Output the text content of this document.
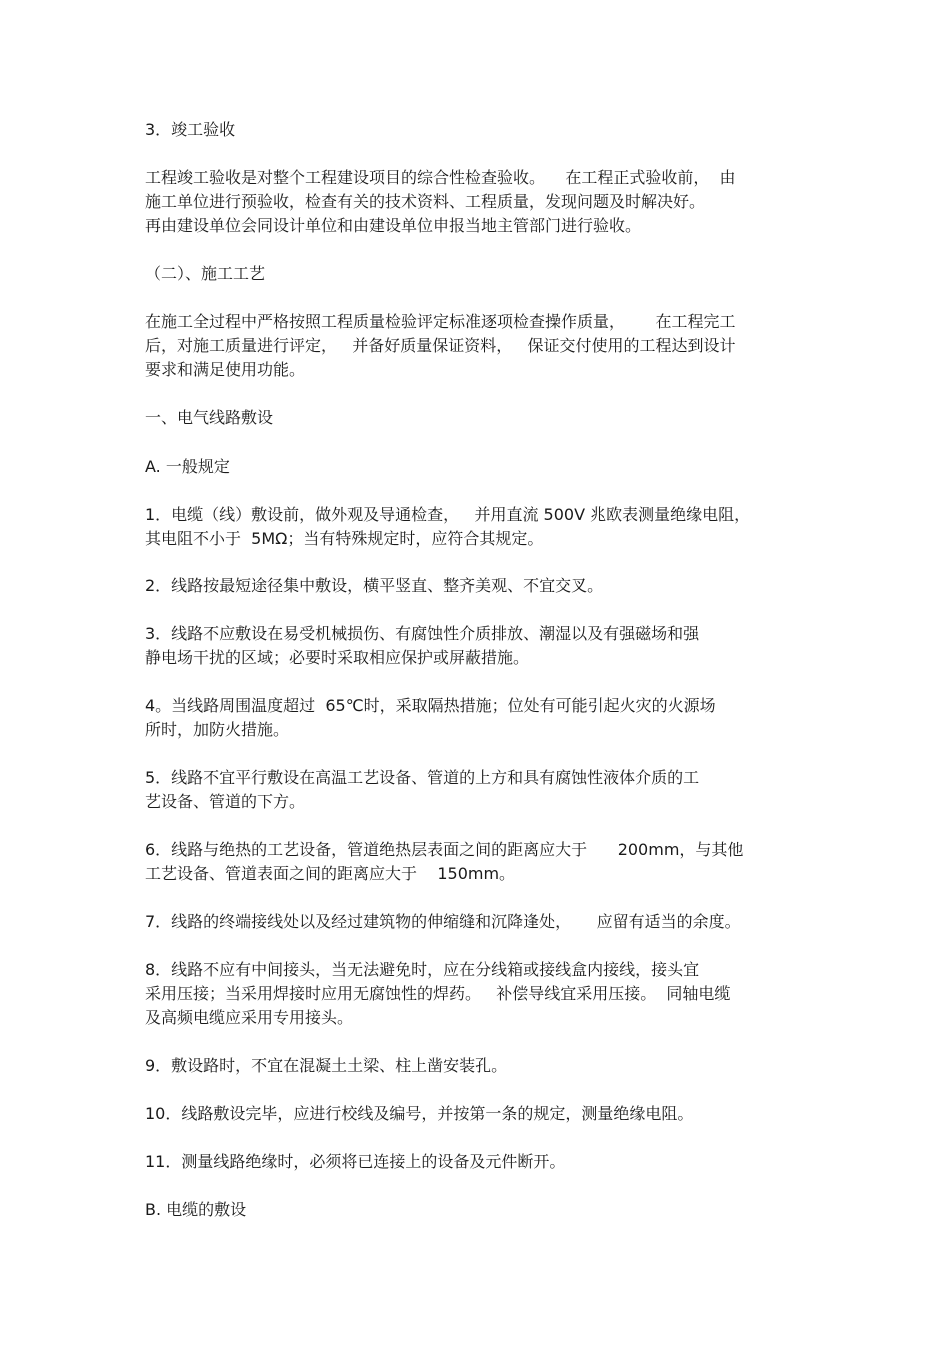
3．竣工验收

工程竣工验收是对整个工程建设项目的综合性检查验收。    在工程正式验收前，  由
施工单位进行预验收，检查有关的技术资料、工程质量，发现问题及时解决好。
再由建设单位会同设计单位和由建设单位申报当地主管部门进行验收。

（二）、施工工艺

在施工全过程中严格按照工程质量检验评定标准逐项检查操作质量，      在工程完工
后，对施工质量进行评定，   并备好质量保证资料，   保证交付使用的工程达到设计
要求和满足使用功能。

一、电气线路敷设

A. 一般规定

1．电缆（线）敷设前，做外观及导通检查，   并用直流 500V 兆欧表测量绝缘电阻，
其电阻不小于  5MΩ；当有特殊规定时，应符合其规定。

2．线路按最短途径集中敷设，横平竖直、整齐美观、不宜交叉。

3．线路不应敷设在易受机械损伤、有腐蚀性介质排放、潮湿以及有强磁场和强
静电场干扰的区域；必要时采取相应保护或屏蔽措施。

4。当线路周围温度超过  65℃时，采取隔热措施；位处有可能引起火灾的火源场
所时，加防火措施。

5．线路不宜平行敷设在高温工艺设备、管道的上方和具有腐蚀性液体介质的工
艺设备、管道的下方。

6．线路与绝热的工艺设备，管道绝热层表面之间的距离应大于      200mm，与其他
工艺设备、管道表面之间的距离应大于    150mm。

7．线路的终端接线处以及经过建筑物的伸缩缝和沉降逢处，     应留有适当的余度。

8．线路不应有中间接头，当无法避免时，应在分线箱或接线盒内接线，接头宜
采用压接；当采用焊接时应用无腐蚀性的焊药。   补偿导线宜采用压接。  同轴电缆
及高频电缆应采用专用接头。

9．敷设路时，不宜在混凝土土梁、柱上凿安装孔。

10．线路敷设完毕，应进行校线及编号，并按第一条的规定，测量绝缘电阻。

11．测量线路绝缘时，必须将已连接上的设备及元件断开。

B. 电缆的敷设
